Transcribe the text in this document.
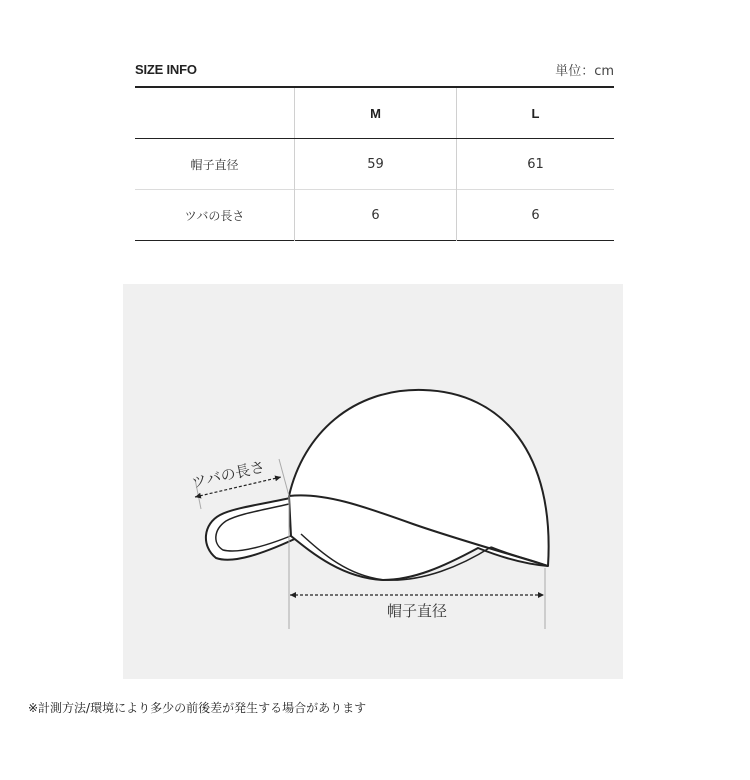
SIZE INFO	単位：cm
	M	L
帽子直径	59	61
ツバの長さ	6	6
ツバの長さ
帽子直径
※計測方法/環境により多少の前後差が発生する場合があります
